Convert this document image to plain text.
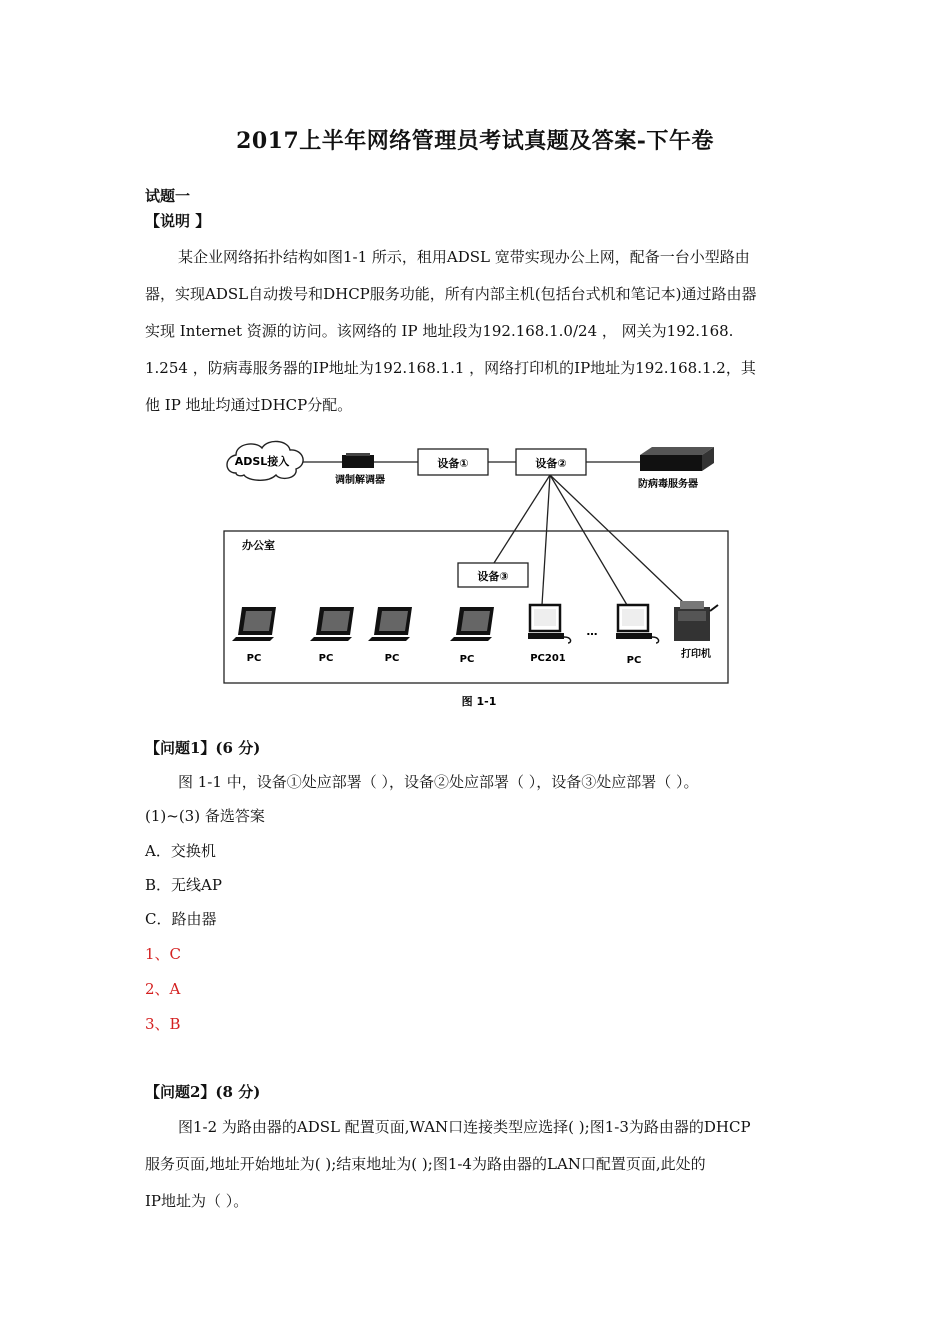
2017上半年网络管理员考试真题及答案-下午卷
试题一
【说明 】
某企业网络拓扑结构如图1-1 所示，租用ADSL 宽带实现办公上网，配备一台小型路由
器，实现ADSL自动拨号和DHCP服务功能，所有内部主机(包括台式机和笔记本)通过路由器
实现 Internet 资源的访问。该网络的 IP 地址段为192.168.1.0/24 ， 网关为192.168.
1.254 ，防病毒服务器的IP地址为192.168.1.1 ，网络打印机的IP地址为192.168.1.2，其
他 IP 地址均通过DHCP分配。
ADSL接入
调制解调器
设备①	设备②
防病毒服务器
办公室
设备③
PC	PC	PC	PC	PC201
…
PC
打印机
图 1-1
【问题1】(6 分)
图 1-1 中，设备①处应部署（ ），设备②处应部署（ ），设备③处应部署（ ）。
(1)~(3) 备选答案
A．交换机
B．无线AP
C．路由器
1、C
2、A
3、B
【问题2】(8 分)
图1-2 为路由器的ADSL 配置页面,WAN口连接类型应选择( );图1-3为路由器的DHCP
服务页面,地址开始地址为( );结束地址为( );图1-4为路由器的LAN口配置页面,此处的
IP地址为（ ）。
